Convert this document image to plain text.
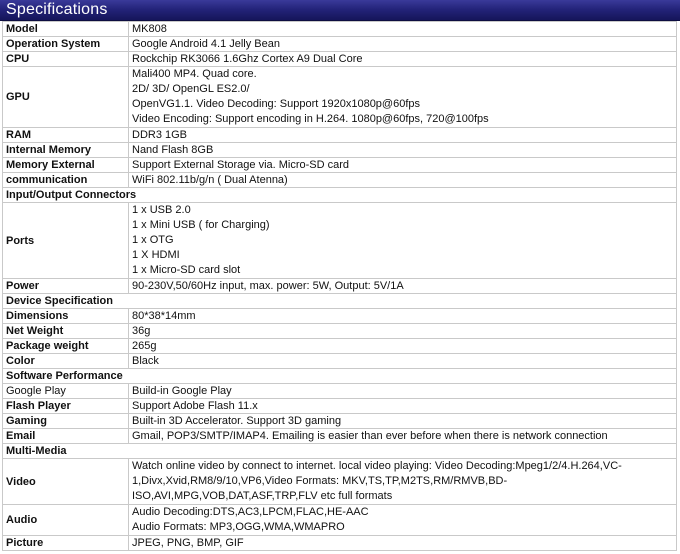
Specifications
Model	MK808
Operation System	Google Android 4.1 Jelly Bean
CPU	Rockchip RK3066 1.6Ghz Cortex A9 Dual Core
GPU	Mali400 MP4. Quad core.
2D/ 3D/ OpenGL ES2.0/
OpenVG1.1. Video Decoding: Support 1920x1080p@60fps
Video Encoding: Support encoding in H.264. 1080p@60fps, 720@100fps

RAM	DDR3 1GB
Internal Memory	Nand Flash 8GB
Memory External	Support External Storage via. Micro-SD card
communication	WiFi 802.11b/g/n ( Dual Atenna)
Input/Output Connectors	
Ports	1 x USB 2.0
1 x Mini USB ( for Charging)
1 x OTG
1 X HDMI
1 x Micro-SD card slot

Power	90-230V,50/60Hz input, max. power: 5W, Output: 5V/1A
Device Specification	
Dimensions	80*38*14mm
Net Weight	36g
Package weight	265g
Color	Black
Software Performance	
Google Play	Build-in Google Play
Flash Player	Support Adobe Flash 11.x
Gaming	Built-in 3D Accelerator. Support 3D gaming
Email	Gmail, POP3/SMTP/IMAP4. Emailing is easier than ever before when there is network connection
Multi-Media	
Video	Watch online video by connect to internet. local video playing: Video Decoding:Mpeg1/2/4.H.264,VC-
1,Divx,Xvid,RM8/9/10,VP6,Video Formats: MKV,TS,TP,M2TS,RM/RMVB,BD-
ISO,AVI,MPG,VOB,DAT,ASF,TRP,FLV etc full formats

Audio	Audio Decoding:DTS,AC3,LPCM,FLAC,HE-AAC
Audio Formats: MP3,OGG,WMA,WMAPRO

Picture	JPEG, PNG, BMP, GIF
